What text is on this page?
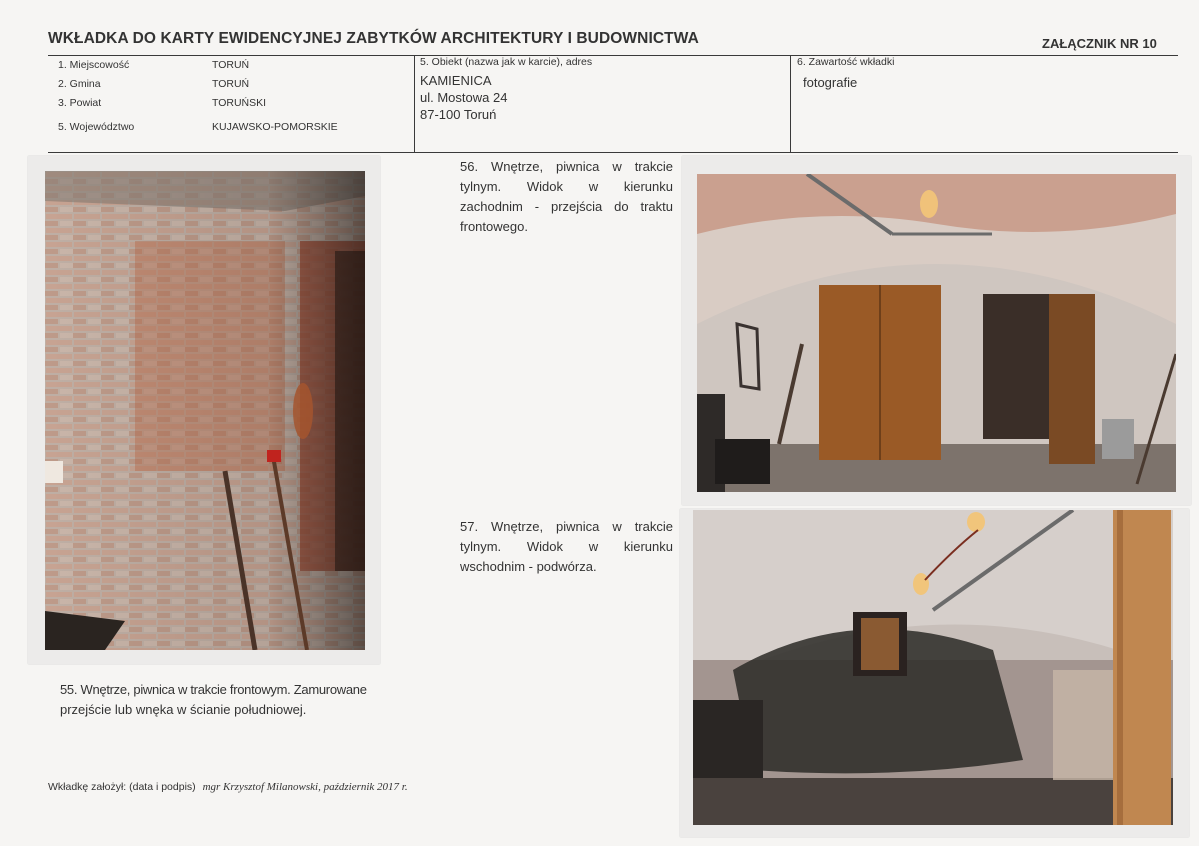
WKŁADKA DO KARTY EWIDENCYJNEJ ZABYTKÓW ARCHITEKTURY I BUDOWNICTWA	ZAŁĄCZNIK NR 10
1. Miejscowość	TORUŃ
2. Gmina	TORUŃ
3. Powiat	TORUŃSKI
5. Województwo	KUJAWSKO-POMORSKIE
5. Obiekt (nazwa jak w karcie), adres
KAMIENICA
ul. Mostowa 24
87-100 Toruń
6. Zawartość wkładki
fotografie
56. Wnętrze, piwnica w trakcie tylnym. Widok w kierunku zachodnim - przejścia do traktu frontowego.
55. Wnętrze, piwnica w trakcie frontowym. Zamurowane
przejście lub wnęka w ścianie południowej.
57. Wnętrze, piwnica w trakcie tylnym. Widok w kierunku wschodnim - podwórza.
Wkładkę założył: (data i podpis) mgr Krzysztof Milanowski, październik 2017 r.
